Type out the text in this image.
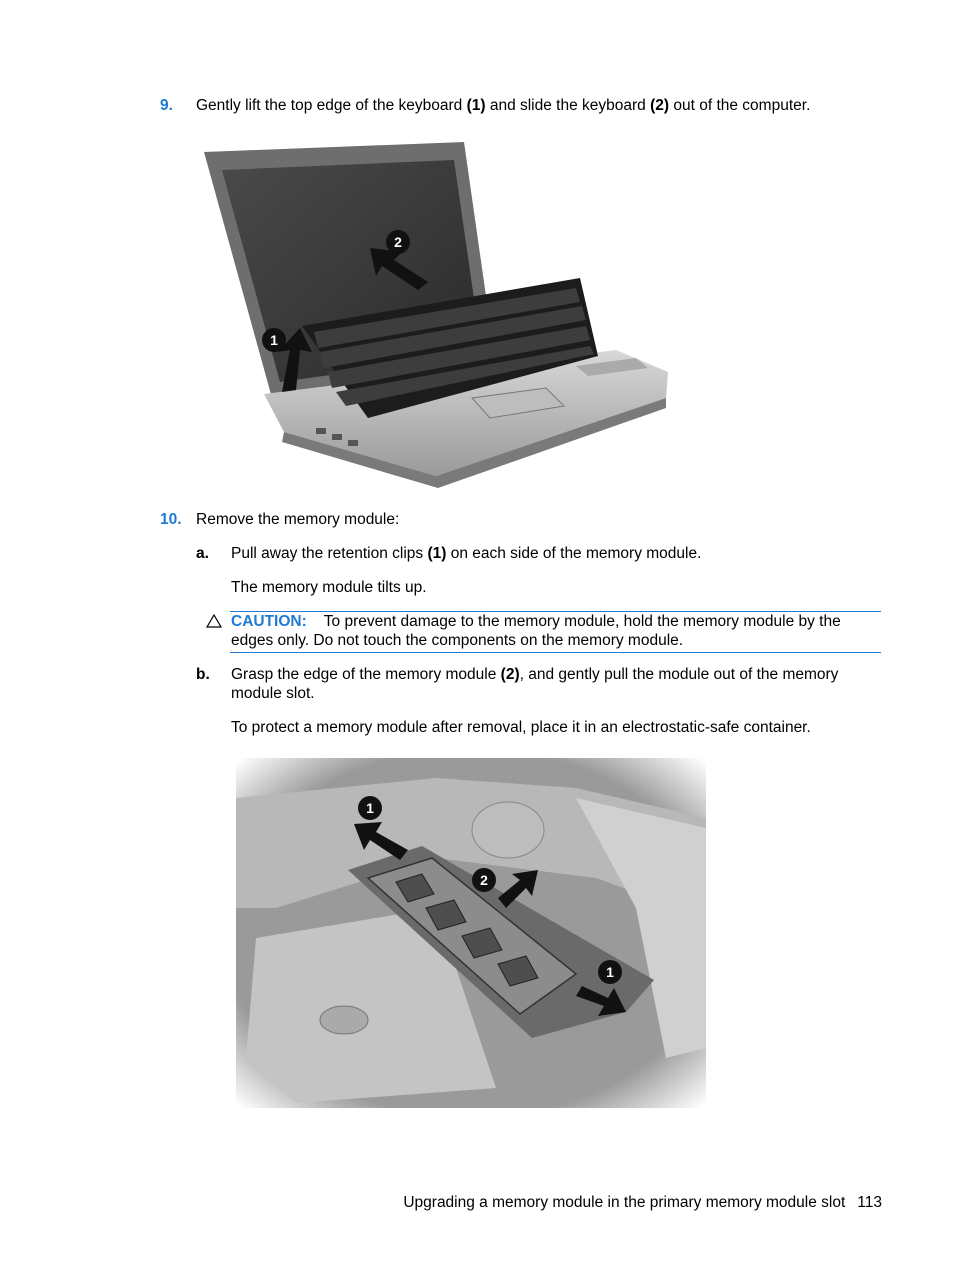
9. Gently lift the top edge of the keyboard (1) and slide the keyboard (2) out of the computer.
1
2
10. Remove the memory module:
a. Pull away the retention clips (1) on each side of the memory module.
The memory module tilts up.
CAUTION: To prevent damage to the memory module, hold the memory module by the
edges only. Do not touch the components on the memory module.
b. Grasp the edge of the memory module (2), and gently pull the module out of the memory
module slot.
To protect a memory module after removal, place it in an electrostatic-safe container.
1
2
1
Upgrading a memory module in the primary memory module slot 113
